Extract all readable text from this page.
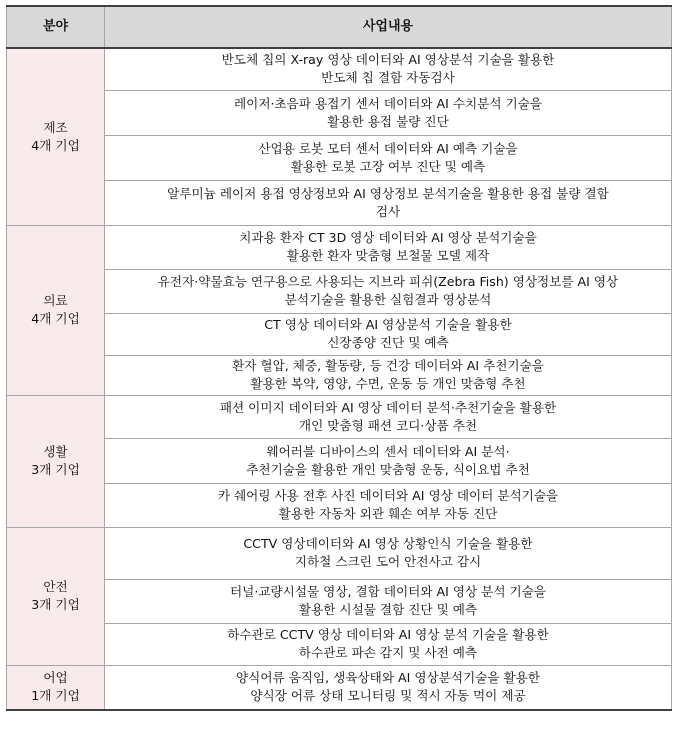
분야	사업내용

제조
4개 기업	반도체 칩의 X-ray 영상 데이터와 AI 영상분석 기술을 활용한
반도체 칩 결함 자동검사

	레이저·초음파 용접기 센서 데이터와 AI 수치분석 기술을
활용한 용접 불량 진단

	산업용 로봇 모터 센서 데이터와 AI 예측 기술을
활용한 로봇 고장 여부 진단 및 예측

	알루미늄 레이저 용접 영상정보와 AI 영상정보 분석기술을 활용한 용접 불량 결함
검사

의료
4개 기업	치과용 환자 CT 3D 영상 데이터와 AI 영상 분석기술을
활용한 환자 맞춤형 보철물 모델 제작

	유전자·약물효능 연구용으로 사용되는 지브라 피쉬(Zebra Fish) 영상정보를 AI 영상
분석기술을 활용한 실험결과 영상분석

	CT 영상 데이터와 AI 영상분석 기술을 활용한
신장종양 진단 및 예측

	환자 혈압, 체중, 활동량, 등 건강 데이터와 AI 추천기술을
활용한 복약, 영양, 수면, 운동 등 개인 맞춤형 추천

생활
3개 기업	패션 이미지 데이터와 AI 영상 데이터 분석·추천기술을 활용한
개인 맞춤형 패션 코디·상품 추천

	웨어러블 디바이스의 센서 데이터와 AI 분석·
추천기술을 활용한 개인 맞춤형 운동, 식이요법 추천

	카 쉐어링 사용 전후 사진 데이터와 AI 영상 데이터 분석기술을
활용한 자동차 외관 훼손 여부 자동 진단

안전
3개 기업	CCTV 영상데이터와 AI 영상 상황인식 기술을 활용한
지하철 스크린 도어 안전사고 감시

	터널·교량시설물 영상, 결함 데이터와 AI 영상 분석 기술을
활용한 시설물 결함 진단 및 예측

	하수관로 CCTV 영상 데이터와 AI 영상 분석 기술을 활용한
하수관로 파손 감지 및 사전 예측

어업
1개 기업	양식어류 움직임, 생육상태와 AI 영상분석기술을 활용한
양식장 어류 상태 모니터링 및 적시 자동 먹이 제공
